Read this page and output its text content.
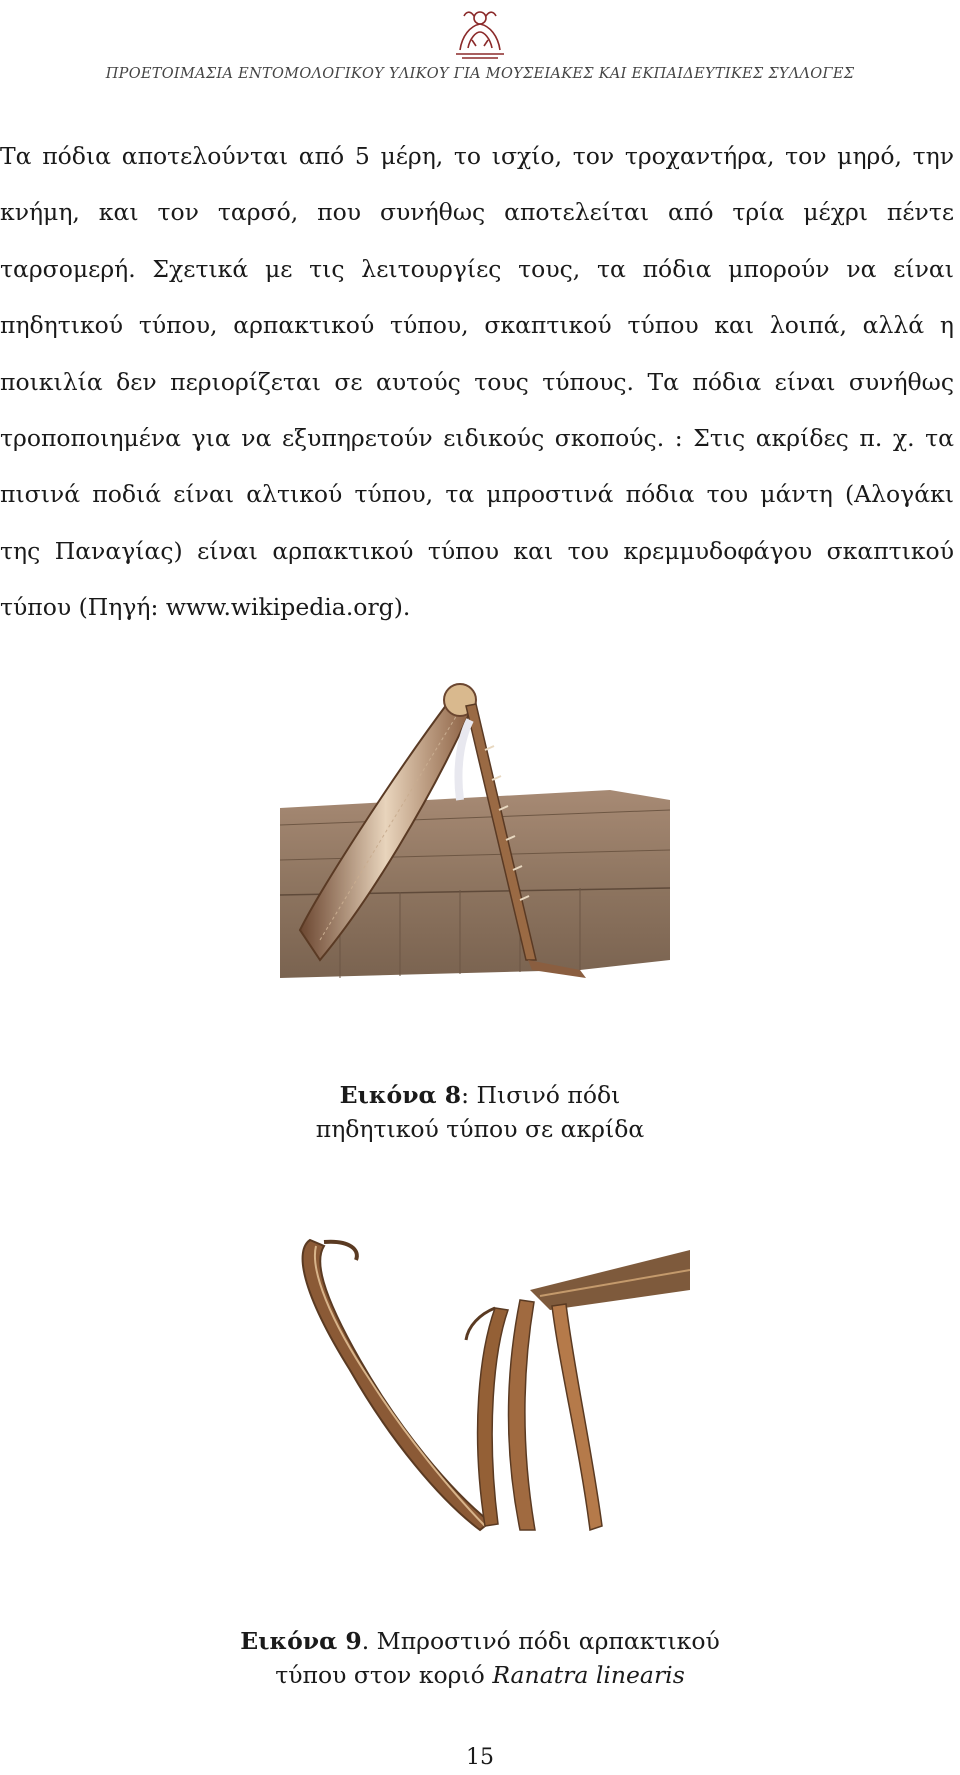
ΠΡΟΕΤΟΙΜΑΣΙΑ ΕΝΤΟΜΟΛΟΓΙΚΟΥ ΥΛΙΚΟΥ ΓΙΑ ΜΟΥΣΕΙΑΚΕΣ ΚΑΙ ΕΚΠΑΙΔΕΥΤΙΚΕΣ ΣΥΛΛΟΓΕΣ

Τα πόδια αποτελούνται από 5 μέρη, το ισχίο, τον τροχαντήρα, τον μηρό, την κνήμη, και τον ταρσό, που συνήθως αποτελείται από τρία μέχρι πέντε ταρσομερή. Σχετικά με τις λειτουργίες τους, τα πόδια μπορούν να είναι πηδητικού τύπου, αρπακτικού τύπου, σκαπτικού τύπου και λοιπά, αλλά η ποικιλία δεν περιορίζεται σε αυτούς τους τύπους. Τα πόδια είναι συνήθως τροποποιημένα για να εξυπηρετούν ειδικούς σκοπούς. : Στις ακρίδες π. χ. τα πισινά ποδιά είναι αλτικού τύπου, τα μπροστινά πόδια του μάντη (Αλογάκι της Παναγίας) είναι αρπακτικού τύπου και του κρεμμυδοφάγου σκαπτικού τύπου (Πηγή: www.wikipedia.org).

Εικόνα 8: Πισινό πόδι
πηδητικού τύπου σε ακρίδα
Εικόνα 9. Μπροστινό πόδι αρπακτικού
τύπου στον κοριό Ranatra linearis
15
